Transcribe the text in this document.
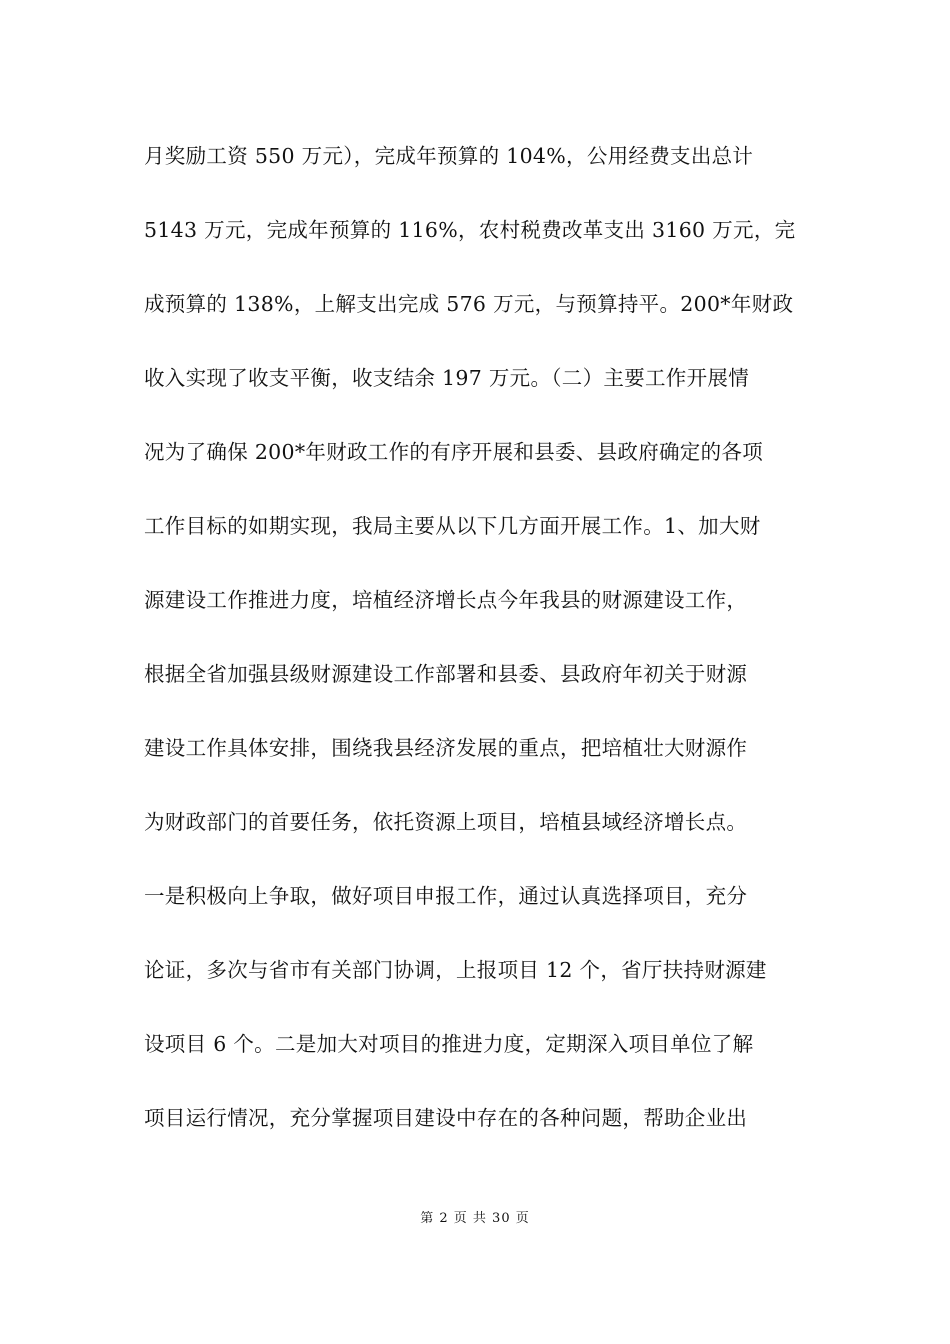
月奖励工资 550 万元），完成年预算的 104%，公用经费支出总计
5143 万元，完成年预算的 116%，农村税费改革支出 3160 万元，完
成预算的 138%，上解支出完成 576 万元，与预算持平。200*年财政
收入实现了收支平衡，收支结余 197 万元。（二）主要工作开展情
况为了确保 200*年财政工作的有序开展和县委、县政府确定的各项
工作目标的如期实现，我局主要从以下几方面开展工作。1、加大财
源建设工作推进力度，培植经济增长点今年我县的财源建设工作，
根据全省加强县级财源建设工作部署和县委、县政府年初关于财源
建设工作具体安排，围绕我县经济发展的重点，把培植壮大财源作
为财政部门的首要任务，依托资源上项目，培植县域经济增长点。
一是积极向上争取，做好项目申报工作，通过认真选择项目，充分
论证，多次与省市有关部门协调，上报项目 12 个，省厅扶持财源建
设项目 6 个。二是加大对项目的推进力度，定期深入项目单位了解
项目运行情况，充分掌握项目建设中存在的各种问题，帮助企业出
第 2 页 共 30 页
